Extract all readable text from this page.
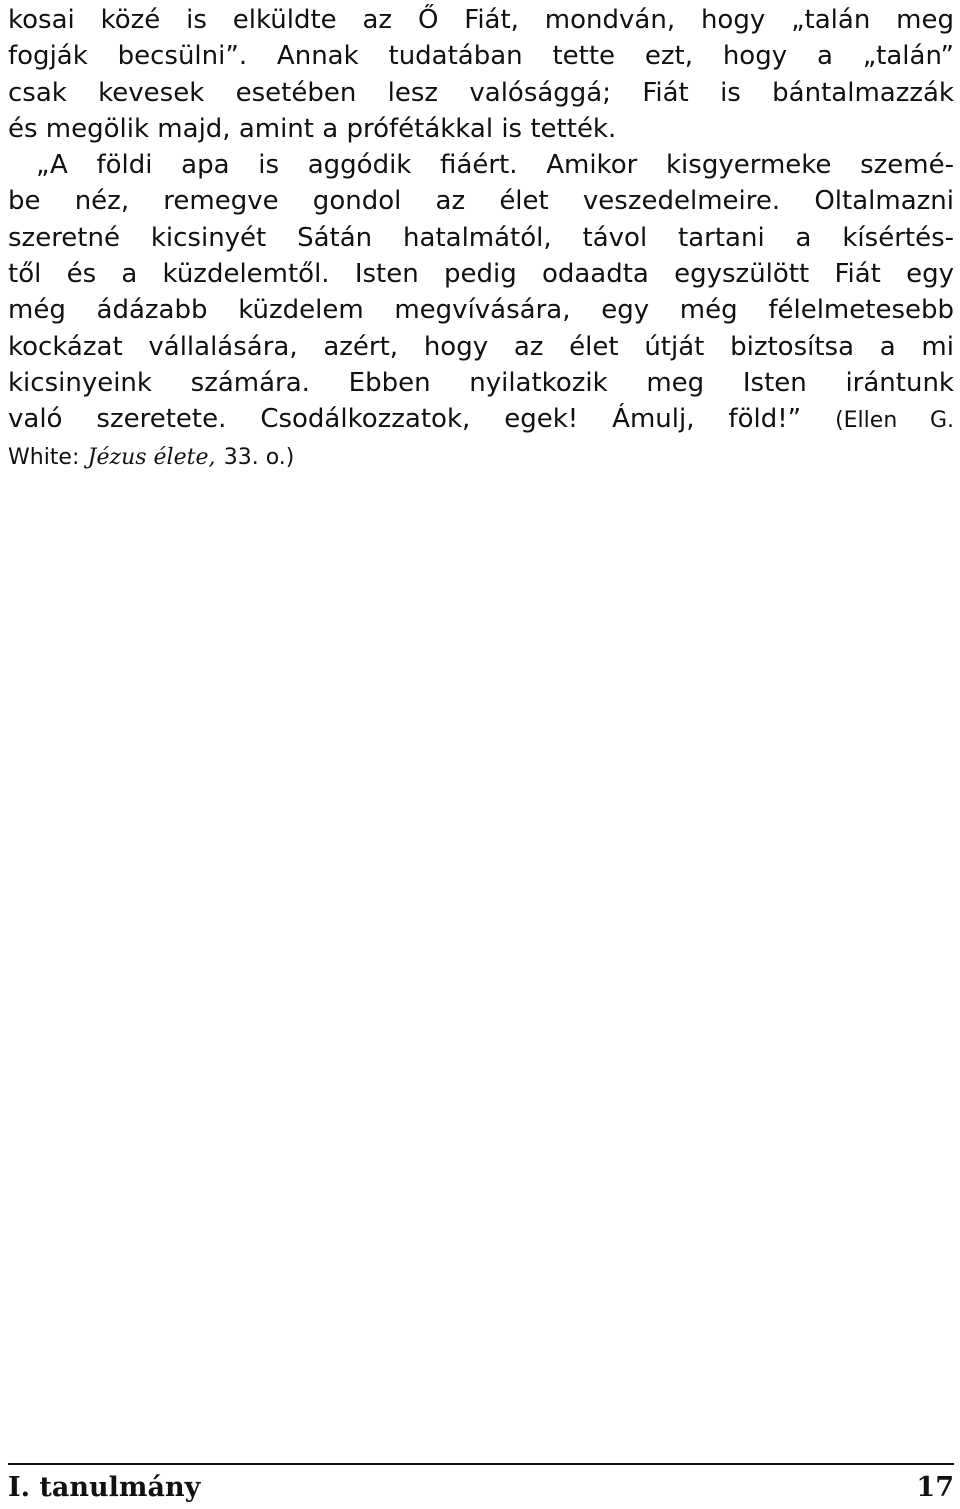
kosai közé is elküldte az Ő Fiát, mondván, hogy „talán meg
fogják becsülni”. Annak tudatában tette ezt, hogy a „talán”
csak kevesek esetében lesz valósággá; Fiát is bántalmazzák
és megölik majd, amint a prófétákkal is tették.
„A földi apa is aggódik fiáért. Amikor kisgyermeke szemé-
be néz, remegve gondol az élet veszedelmeire. Oltalmazni
szeretné kicsinyét Sátán hatalmától, távol tartani a kísértés-
től és a küzdelemtől. Isten pedig odaadta egyszülött Fiát egy
még ádázabb küzdelem megvívására, egy még félelmetesebb
kockázat vállalására, azért, hogy az élet útját biztosítsa a mi
kicsinyeink számára. Ebben nyilatkozik meg Isten irántunk
való szeretete. Csodálkozzatok, egek! Ámulj, föld!” (Ellen G.
White: Jézus élete, 33. o.)
I. tanulmány	17
